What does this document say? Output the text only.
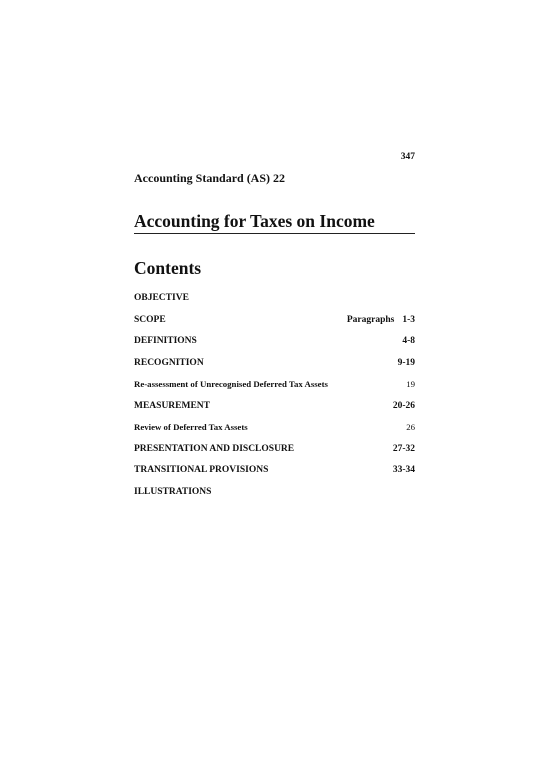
347
Accounting Standard (AS) 22
Accounting for Taxes on Income
Contents
OBJECTIVE
SCOPE	Paragraphs 1-3
DEFINITIONS	4-8
RECOGNITION	9-19
Re-assessment of Unrecognised Deferred Tax Assets	19
MEASUREMENT	20-26
Review of Deferred Tax Assets	26
PRESENTATION AND DISCLOSURE	27-32
TRANSITIONAL PROVISIONS	33-34
ILLUSTRATIONS
